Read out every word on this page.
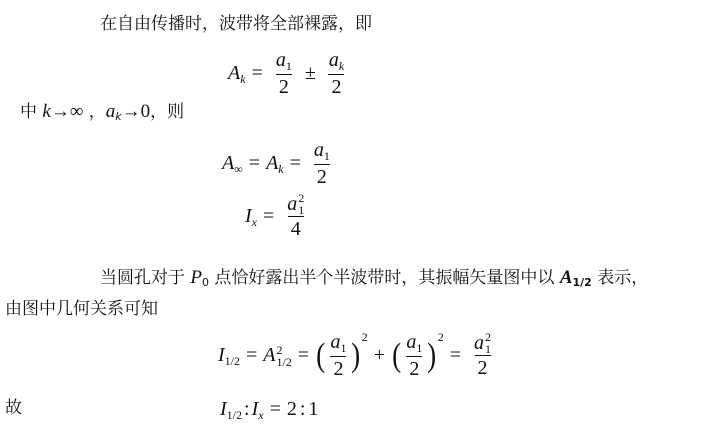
在自由传播时，波带将全部裸露，即
A $k = \frac{a_1}{2} \pm \frac{a_k}{2}$
中 k →∞ ， a k →0 ，则
A ∞ = A $k = \frac{a_1}{2}$
I x = a 2
1
4
当圆孔对于 P 0 点恰好露出半个半波带时，其振幅矢量图中以 A 1/2 表示，
由图中几何关系可知
I 1/2 = A 2
1/2 = ( $\frac{a_1}{2}$ ) 2
+ ( $\frac{a_1}{2}$ ) 2
= a 2
1
2
故	I 1/2 : I x = 2 : 1
